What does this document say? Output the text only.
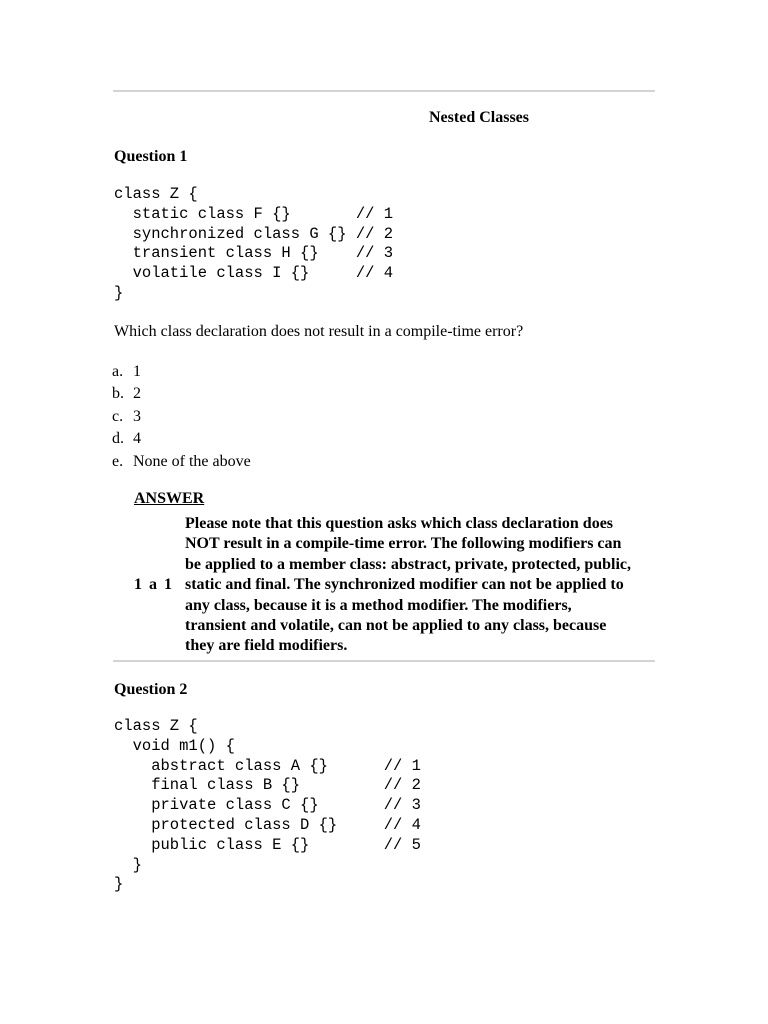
Nested Classes
Question 1
class Z {
static class F {}       // 1
synchronized class G {} // 2
transient class H {}    // 3
volatile class I {}     // 4
}
Which class declaration does not result in a compile-time error?
a. 1
b. 2
c. 3
d. 4
e. None of the above
ANSWER
1 a 1
Please note that this question asks which class declaration does
NOT result in a compile-time error. The following modifiers can
be applied to a member class: abstract, private, protected, public,
static and final. The synchronized modifier can not be applied to
any class, because it is a method modifier. The modifiers,
transient and volatile, can not be applied to any class, because
they are field modifiers.
Question 2
class Z {
void m1() {
abstract class A {}      // 1
final class B {}         // 2
private class C {}       // 3
protected class D {}     // 4
public class E {}        // 5
}
}
